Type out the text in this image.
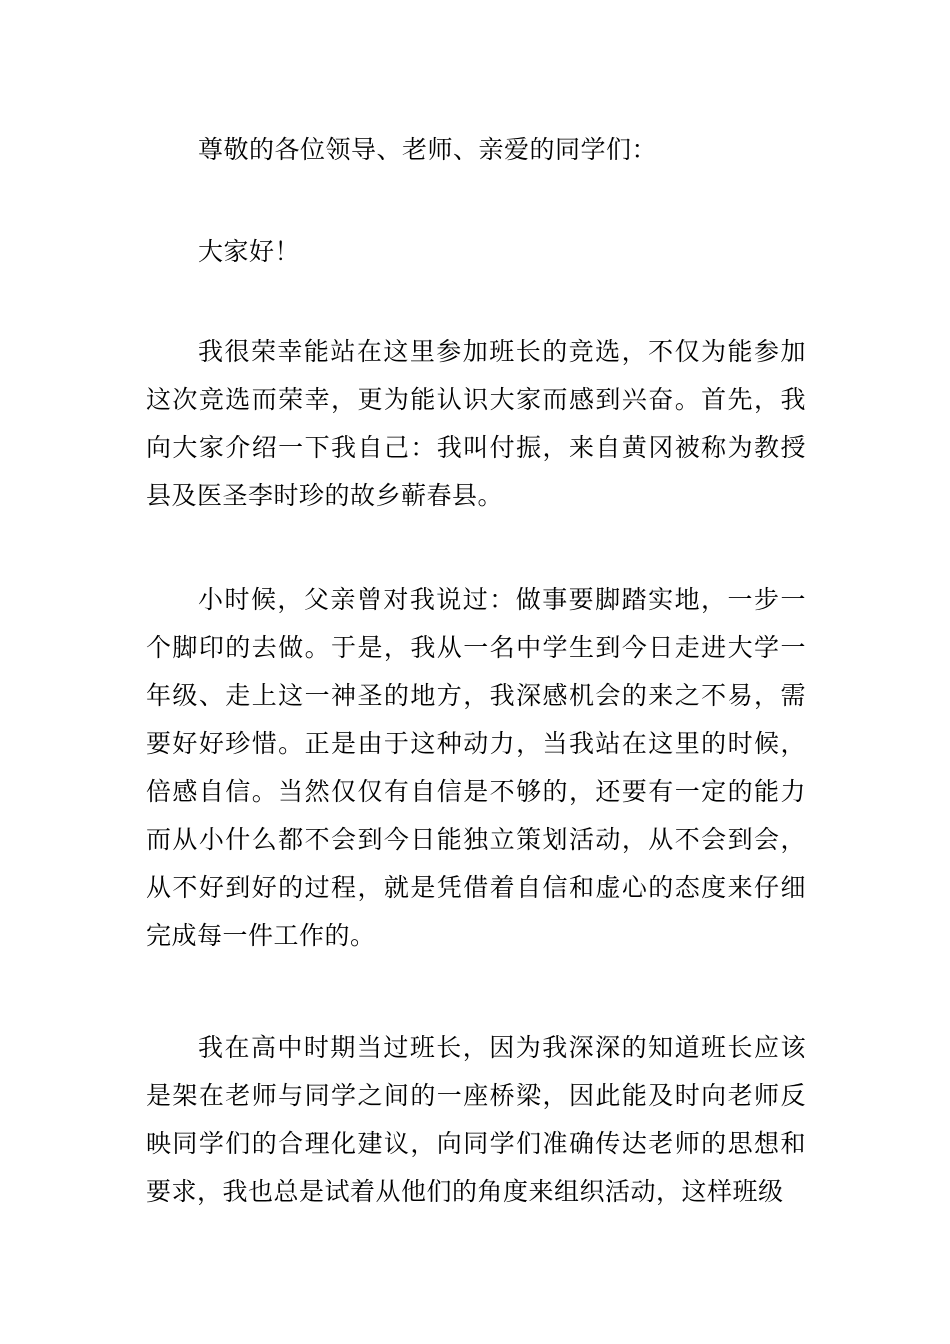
尊敬的各位领导、老师、亲爱的同学们：

大家好！

我很荣幸能站在这里参加班长的竞选，不仅为能参加这次竞选而荣幸，更为能认识大家而感到兴奋。首先，我向大家介绍一下我自己：我叫付振，来自黄冈被称为教授县及医圣李时珍的故乡蕲春县。

小时候，父亲曾对我说过：做事要脚踏实地，一步一个脚印的去做。于是，我从一名中学生到今日走进大学一年级、走上这一神圣的地方，我深感机会的来之不易，需要好好珍惜。正是由于这种动力，当我站在这里的时候，倍感自信。当然仅仅有自信是不够的，还要有一定的能力而从小什么都不会到今日能独立策划活动，从不会到会，从不好到好的过程，就是凭借着自信和虚心的态度来仔细完成每一件工作的。

我在高中时期当过班长，因为我深深的知道班长应该是架在老师与同学之间的一座桥梁，因此能及时向老师反映同学们的合理化建议，向同学们准确传达老师的思想和要求，我也总是试着从他们的角度来组织活动，这样班级
